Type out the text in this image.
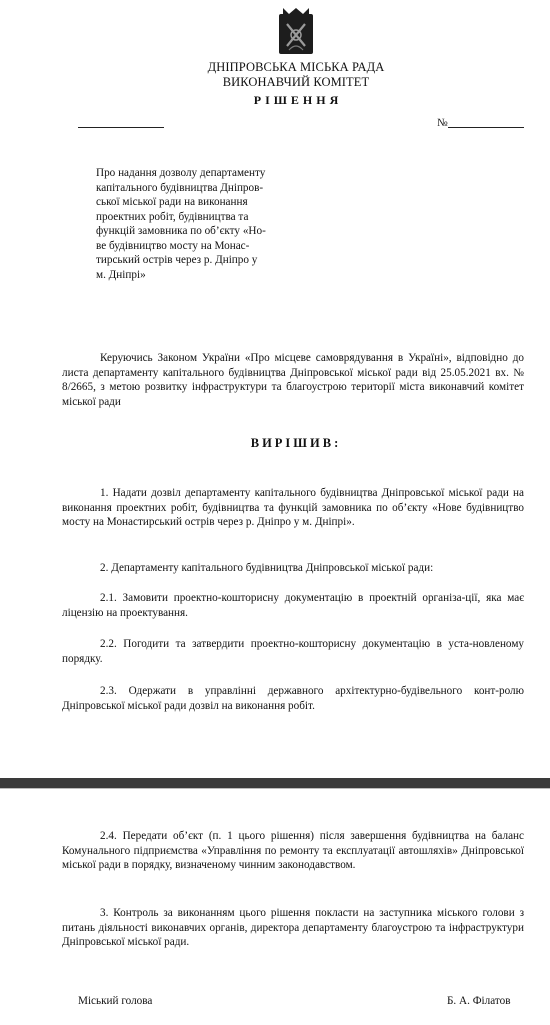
ДНІПРОВСЬКА МІСЬКА РАДА
ВИКОНАВЧИЙ КОМІТЕТ
РІШЕННЯ
№
Про надання дозволу департаменту
капітального будівництва Дніпров-
ської міської ради на виконання
проектних робіт, будівництва та
функцій замовника по об’єкту «Но-
ве будівництво мосту на Монас-
тирський острів через р. Дніпро у
м. Дніпрі»
Керуючись Законом України «Про місцеве самоврядування в Україні», відповідно до листа департаменту капітального будівництва Дніпровської міської ради від 25.05.2021 вх. № 8/2665, з метою розвитку інфраструктури та благоустрою території міста виконавчий комітет міської ради
ВИРІШИВ:
1. Надати дозвіл департаменту капітального будівництва Дніпровської міської ради на виконання проектних робіт, будівництва та функцій замовника по об’єкту «Нове будівництво мосту на Монастирський острів через р. Дніпро у м. Дніпрі».
2. Департаменту капітального будівництва Дніпровської міської ради:
2.1. Замовити проектно-кошторисну документацію в проектній організа-ції, яка має ліцензію на проектування.
2.2. Погодити та затвердити проектно-кошторисну документацію в уста-новленому порядку.
2.3. Одержати в управлінні державного архітектурно-будівельного конт-ролю Дніпровської міської ради дозвіл на виконання робіт.
2.4. Передати об’єкт (п. 1 цього рішення) після завершення будівництва на баланс Комунального підприємства «Управління по ремонту та експлуатації автошляхів» Дніпровської міської ради в порядку, визначеному чинним законодавством.
3. Контроль за виконанням цього рішення покласти на заступника міського голови з питань діяльності виконавчих органів, директора департаменту благоустрою та інфраструктури Дніпровської міської ради.
Міський голова	Б. А. Філатов
